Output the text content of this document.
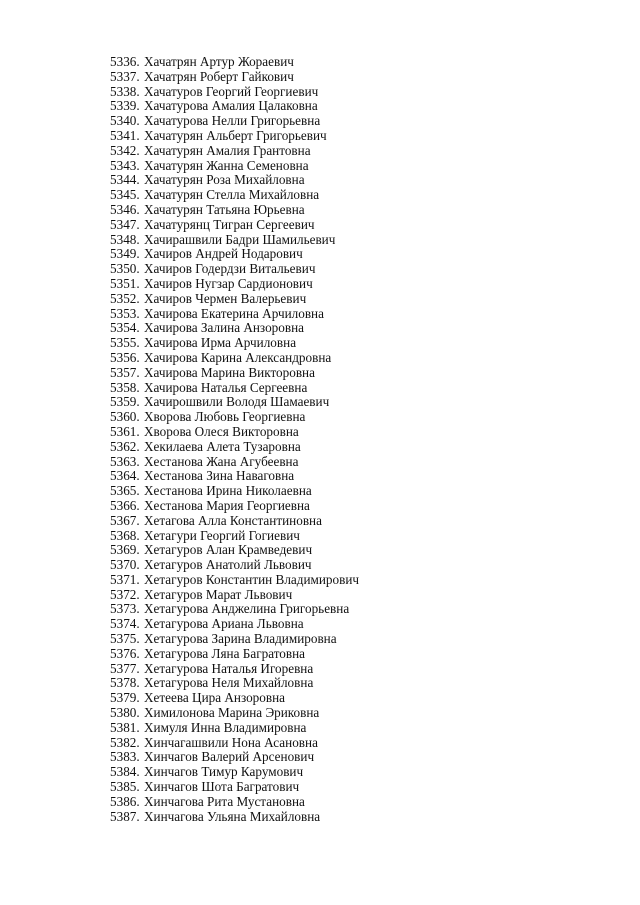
5336. Хачатрян Артур Жораевич
5337. Хачатрян Роберт Гайкович
5338. Хачатуров Георгий Георгиевич
5339. Хачатурова Амалия Цалаковна
5340. Хачатурова Нелли Григорьевна
5341. Хачатурян Альберт Григорьевич
5342. Хачатурян Амалия Грантовна
5343. Хачатурян Жанна Семеновна
5344. Хачатурян Роза Михайловна
5345. Хачатурян Стелла Михайловна
5346. Хачатурян Татьяна Юрьевна
5347. Хачатурянц Тигран Сергеевич
5348. Хачирашвили Бадри Шамильевич
5349. Хачиров Андрей Нодарович
5350. Хачиров Годердзи Витальевич
5351. Хачиров Нугзар Сардионович
5352. Хачиров Чермен Валерьевич
5353. Хачирова Екатерина Арчиловна
5354. Хачирова Залина Анзоровна
5355. Хачирова Ирма Арчиловна
5356. Хачирова Карина Александровна
5357. Хачирова Марина Викторовна
5358. Хачирова Наталья Сергеевна
5359. Хачирошвили Володя Шамаевич
5360. Хворова Любовь Георгиевна
5361. Хворова Олеся Викторовна
5362. Хекилаева Алета Тузаровна
5363. Хестанова Жана Агубеевна
5364. Хестанова Зина Наваговна
5365. Хестанова Ирина Николаевна
5366. Хестанова Мария Георгиевна
5367. Хетагова Алла Константиновна
5368. Хетагури Георгий Гогиевич
5369. Хетагуров Алан Крамведевич
5370. Хетагуров Анатолий Львович
5371. Хетагуров Константин Владимирович
5372. Хетагуров Марат Львович
5373. Хетагурова Анджелина Григорьевна
5374. Хетагурова Ариана Львовна
5375. Хетагурова Зарина Владимировна
5376. Хетагурова Ляна Багратовна
5377. Хетагурова Наталья Игоревна
5378. Хетагурова Неля Михайловна
5379. Хетеева Цира Анзоровна
5380. Химилонова Марина Эриковна
5381. Химуля Инна Владимировна
5382. Хинчагашвили Нона Асановна
5383. Хинчагов Валерий Арсенович
5384. Хинчагов Тимур Карумович
5385. Хинчагов Шота Багратович
5386. Хинчагова Рита Мустановна
5387. Хинчагова Ульяна Михайловна
